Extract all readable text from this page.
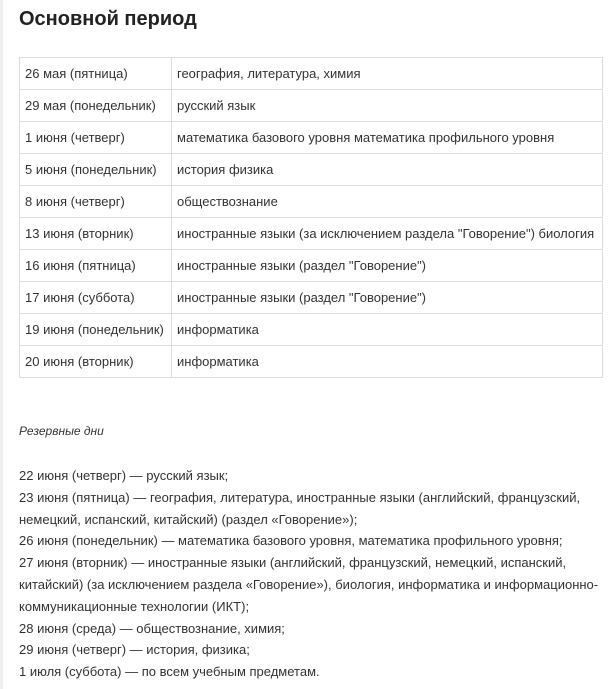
Основной период
26 мая (пятница)	география, литература, химия
29 мая (понедельник)	русский язык
1 июня (четверг)	математика базового уровня математика профильного уровня
5 июня (понедельник)	история физика
8 июня (четверг)	обществознание
13 июня (вторник)	иностранные языки (за исключением раздела "Говорение") биология
16 июня (пятница)	иностранные языки (раздел "Говорение")
17 июня (суббота)	иностранные языки (раздел "Говорение")
19 июня (понедельник)	информатика
20 июня (вторник)	информатика
Резервные дни
22 июня (четверг) — русский язык;
23 июня (пятница) — география, литература, иностранные языки (английский, французский, немецкий, испанский, китайский) (раздел «Говорение»);
26 июня (понедельник) — математика базового уровня, математика профильного уровня;
27 июня (вторник) — иностранные языки (английский, французский, немецкий, испанский, китайский) (за исключением раздела «Говорение»), биология, информатика и информационно-коммуникационные технологии (ИКТ);
28 июня (среда) — обществознание, химия;
29 июня (четверг) — история, физика;
1 июля (суббота) — по всем учебным предметам.
